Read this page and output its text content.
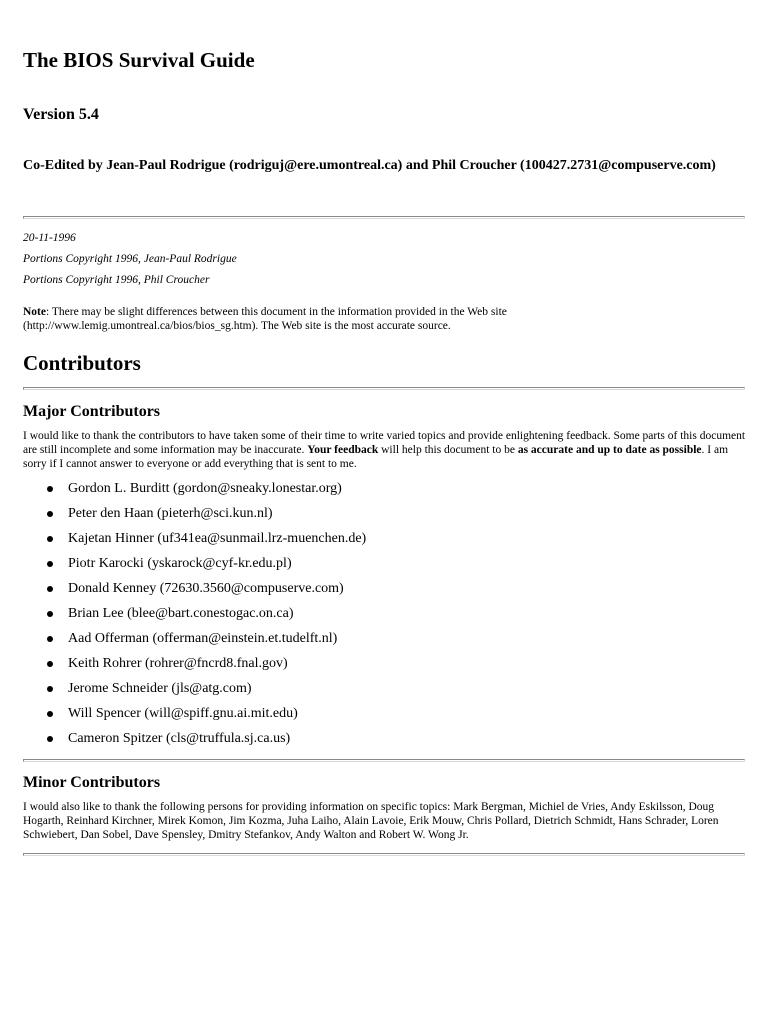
The BIOS Survival Guide

Version 5.4

Co-Edited by Jean-Paul Rodrigue (rodriguj@ere.umontreal.ca) and Phil Croucher (100427.2731@compuserve.com)

20-11-1996

Portions Copyright 1996, Jean-Paul Rodrigue

Portions Copyright 1996, Phil Croucher

Note: There may be slight differences between this document in the information provided in the Web site (http://www.lemig.umontreal.ca/bios/bios_sg.htm). The Web site is the most accurate source.

Contributors
Major Contributors

I would like to thank the contributors to have taken some of their time to write varied topics and provide enlightening feedback. Some parts of this document are still incomplete and some information may be inaccurate. Your feedback will help this document to be as accurate and up to date as possible. I am sorry if I cannot answer to everyone or add everything that is sent to me.

Gordon L. Burditt (gordon@sneaky.lonestar.org)
Peter den Haan (pieterh@sci.kun.nl)
Kajetan Hinner (uf341ea@sunmail.lrz-muenchen.de)
Piotr Karocki (yskarock@cyf-kr.edu.pl)
Donald Kenney (72630.3560@compuserve.com)
Brian Lee (blee@bart.conestogac.on.ca)
Aad Offerman (offerman@einstein.et.tudelft.nl)
Keith Rohrer (rohrer@fncrd8.fnal.gov)
Jerome Schneider (jls@atg.com)
Will Spencer (will@spiff.gnu.ai.mit.edu)
Cameron Spitzer (cls@truffula.sj.ca.us)
Minor Contributors

I would also like to thank the following persons for providing information on specific topics: Mark Bergman, Michiel de Vries, Andy Eskilsson, Doug Hogarth, Reinhard Kirchner, Mirek Komon, Jim Kozma, Juha Laiho, Alain Lavoie, Erik Mouw, Chris Pollard, Dietrich Schmidt, Hans Schrader, Loren Schwiebert, Dan Sobel, Dave Spensley, Dmitry Stefankov, Andy Walton and Robert W. Wong Jr.
